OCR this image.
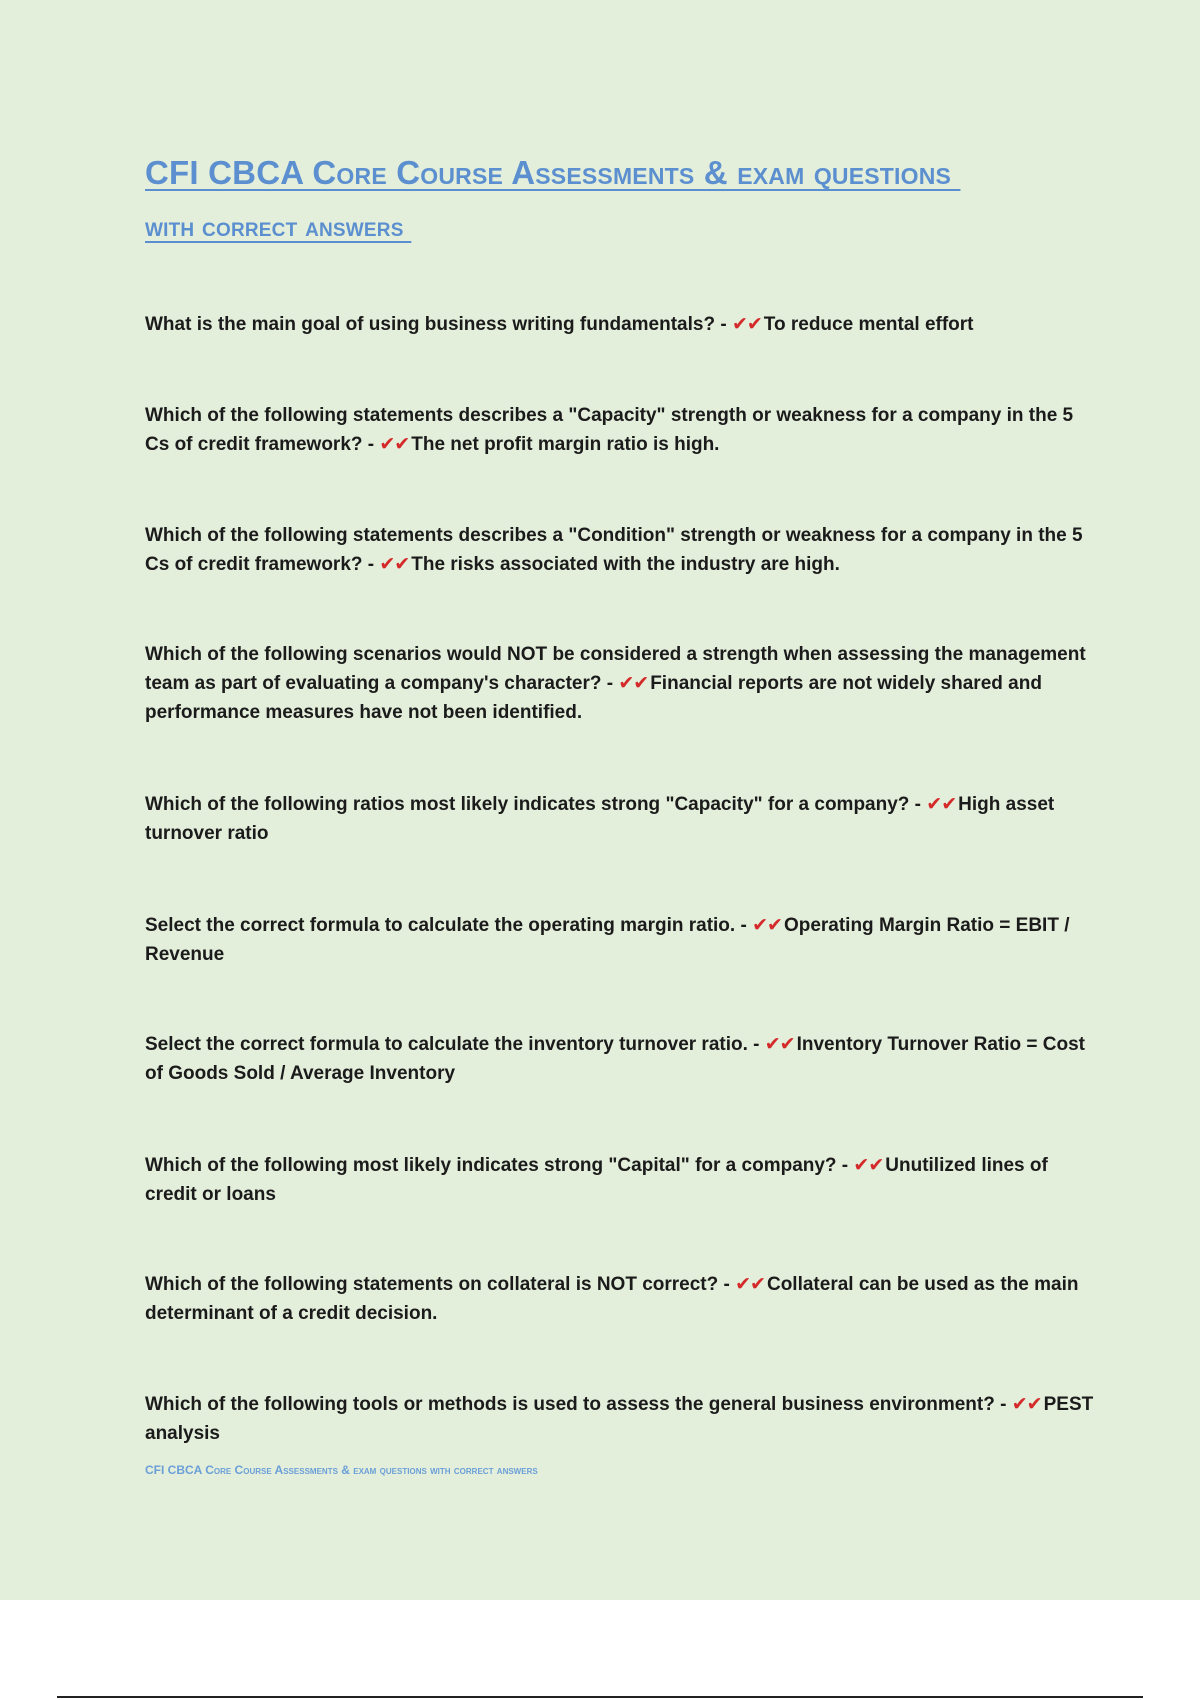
CFI CBCA Core Course Assessments & exam questions
with correct answers

What is the main goal of using business writing fundamentals? - ✔✔ To reduce mental effort

Which of the following statements describes a "Capacity" strength or weakness for a company in the 5 Cs of credit framework? - ✔✔ The net profit margin ratio is high.

Which of the following statements describes a "Condition" strength or weakness for a company in the 5 Cs of credit framework? - ✔✔ The risks associated with the industry are high.

Which of the following scenarios would NOT be considered a strength when assessing the management team as part of evaluating a company's character? - ✔✔ Financial reports are not widely shared and performance measures have not been identified.

Which of the following ratios most likely indicates strong "Capacity" for a company? - ✔✔ High asset turnover ratio

Select the correct formula to calculate the operating margin ratio. - ✔✔ Operating Margin Ratio = EBIT / Revenue

Select the correct formula to calculate the inventory turnover ratio. - ✔✔ Inventory Turnover Ratio = Cost of Goods Sold / Average Inventory

Which of the following most likely indicates strong "Capital" for a company? - ✔✔ Unutilized lines of credit or loans

Which of the following statements on collateral is NOT correct? - ✔✔ Collateral can be used as the main determinant of a credit decision.

Which of the following tools or methods is used to assess the general business environment? - ✔✔ PEST analysis

CFI CBCA Core Course Assessments & exam questions with correct answers
